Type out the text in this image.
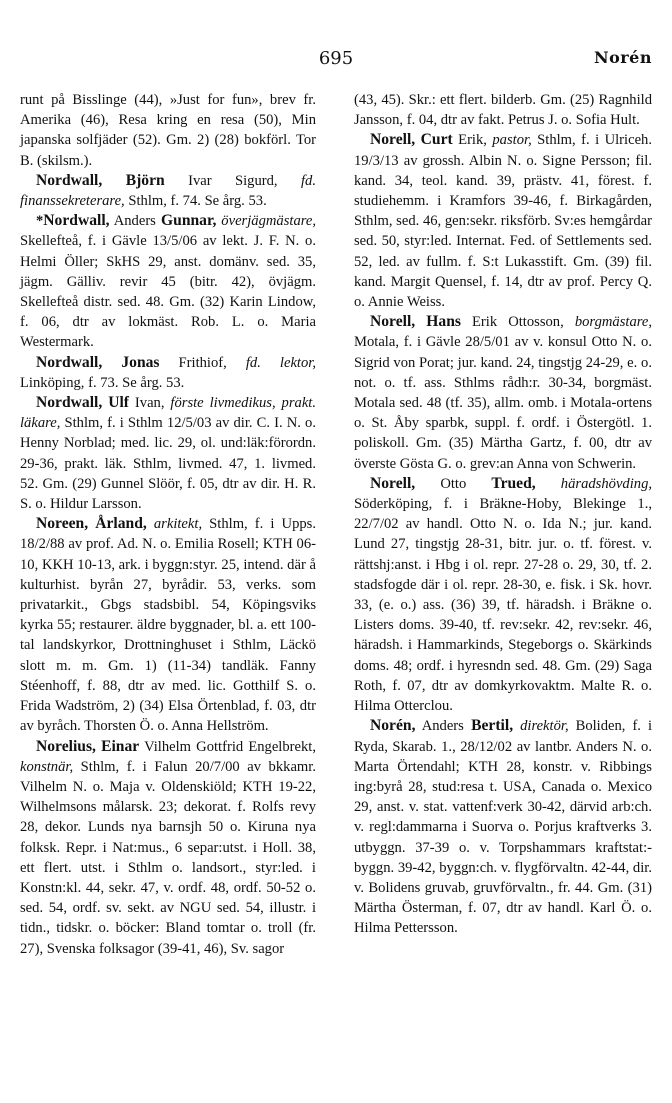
695	Norén

runt på Bisslinge (44), »Just for fun», brev fr. Amerika (46), Resa kring en resa (50), Min japanska solfjäder (52). Gm. 2) (28) bokförl. Tor B. (skilsm.).

Nordwall, Björn Ivar Sigurd, fd. finanssekreterare, Sthlm, f. 74. Se årg. 53.

*Nordwall, Anders Gunnar, överjägmästare, Skellefteå, f. i Gävle 13/5/06 av lekt. J. F. N. o. Helmi Öller; SkHS 29, anst. domänv. sed. 35, jägm. Gälliv. revir 45 (bitr. 42), övjägm. Skellefteå distr. sed. 48. Gm. (32) Karin Lindow, f. 06, dtr av lokmäst. Rob. L. o. Maria Westermark.

Nordwall, Jonas Frithiof, fd. lektor, Linköping, f. 73. Se årg. 53.

Nordwall, Ulf Ivan, förste livmedikus, prakt. läkare, Sthlm, f. i Sthlm 12/5/03 av dir. C. I. N. o. Henny Norblad; med. lic. 29, ol. und:läk:förordn. 29-36, prakt. läk. Sthlm, livmed. 47, 1. livmed. 52. Gm. (29) Gunnel Slöör, f. 05, dtr av dir. H. R. S. o. Hildur Larsson.

Noreen, Årland, arkitekt, Sthlm, f. i Upps. 18/2/88 av prof. Ad. N. o. Emilia Rosell; KTH 06-10, KKH 10-13, ark. i byggn:styr. 25, intend. där å kulturhist. byrån 27, byrådir. 53, verks. som privatarkit., Gbgs stadsbibl. 54, Köpingsviks kyrka 55; restaurer. äldre byggnader, bl. a. ett 100-tal landskyrkor, Drottninghuset i Sthlm, Läckö slott m. m. Gm. 1) (11-34) tandläk. Fanny Stéenhoff, f. 88, dtr av med. lic. Gotthilf S. o. Frida Wadström, 2) (34) Elsa Örtenblad, f. 03, dtr av byråch. Thorsten Ö. o. Anna Hellström.

Norelius, Einar Vilhelm Gottfrid Engelbrekt, konstnär, Sthlm, f. i Falun 20/7/00 av bkkamr. Vilhelm N. o. Maja v. Oldenskiöld; KTH 19-22, Wilhelmsons målarsk. 23; dekorat. f. Rolfs revy 28, dekor. Lunds nya barnsjh 50 o. Kiruna nya folksk. Repr. i Nat:mus., 6 separ:utst. i Holl. 38, ett flert. utst. i Sthlm o. landsort., styr:led. i Konstn:kl. 44, sekr. 47, v. ordf. 48, ordf. 50-52 o. sed. 54, ordf. sv. sekt. av NGU sed. 54, illustr. i tidn., tidskr. o. böcker: Bland tomtar o. troll (fr. 27), Svenska folksagor (39-41, 46), Sv. sagor

(43, 45). Skr.: ett flert. bilderb. Gm. (25) Ragnhild Jansson, f. 04, dtr av fakt. Petrus J. o. Sofia Hult.

Norell, Curt Erik, pastor, Sthlm, f. i Ulriceh. 19/3/13 av grossh. Albin N. o. Signe Persson; fil. kand. 34, teol. kand. 39, prästv. 41, förest. f. studiehemm. i Kramfors 39-46, f. Birkagården, Sthlm, sed. 46, gen:sekr. riksförb. Sv:es hemgårdar sed. 50, styr:led. Internat. Fed. of Settlements sed. 52, led. av fullm. f. S:t Lukasstift. Gm. (39) fil. kand. Margit Quensel, f. 14, dtr av prof. Percy Q. o. Annie Weiss.

Norell, Hans Erik Ottosson, borgmästare, Motala, f. i Gävle 28/5/01 av v. konsul Otto N. o. Sigrid von Porat; jur. kand. 24, tingstjg 24-29, e. o. not. o. tf. ass. Sthlms rådh:r. 30-34, borgmäst. Motala sed. 48 (tf. 35), allm. omb. i Motala-ortens o. St. Åby sparbk, suppl. f. ordf. i Östergötl. 1. poliskoll. Gm. (35) Märtha Gartz, f. 00, dtr av överste Gösta G. o. grev:an Anna von Schwerin.

Norell, Otto Trued, häradshövding, Söderköping, f. i Bräkne-Hoby, Blekinge 1., 22/7/02 av handl. Otto N. o. Ida N.; jur. kand. Lund 27, tingstjg 28-31, bitr. jur. o. tf. förest. v. rättshj:anst. i Hbg i ol. repr. 27-28 o. 29, 30, tf. 2. stadsfogde där i ol. repr. 28-30, e. fisk. i Sk. hovr. 33, (e. o.) ass. (36) 39, tf. häradsh. i Bräkne o. Listers doms. 39-40, tf. rev:sekr. 42, rev:sekr. 46, häradsh. i Hammarkinds, Stegeborgs o. Skärkinds doms. 48; ordf. i hyresndn sed. 48. Gm. (29) Saga Roth, f. 07, dtr av domkyrkovaktm. Malte R. o. Hilma Otterclou.

Norén, Anders Bertil, direktör, Boliden, f. i Ryda, Skarab. 1., 28/12/02 av lantbr. Anders N. o. Marta Örtendahl; KTH 28, konstr. v. Ribbings ing:byrå 28, stud:resa t. USA, Canada o. Mexico 29, anst. v. stat. vattenf:verk 30-42, därvid arb:ch. v. regl:dammarna i Suorva o. Porjus kraftverks 3. utbyggn. 37-39 o. v. Torpshammars kraftstat:-byggn. 39-42, byggn:ch. v. flygförvaltn. 42-44, dir. v. Bolidens gruvab, gruvförvaltn., fr. 44. Gm. (31) Märtha Österman, f. 07, dtr av handl. Karl Ö. o. Hilma Pettersson.
